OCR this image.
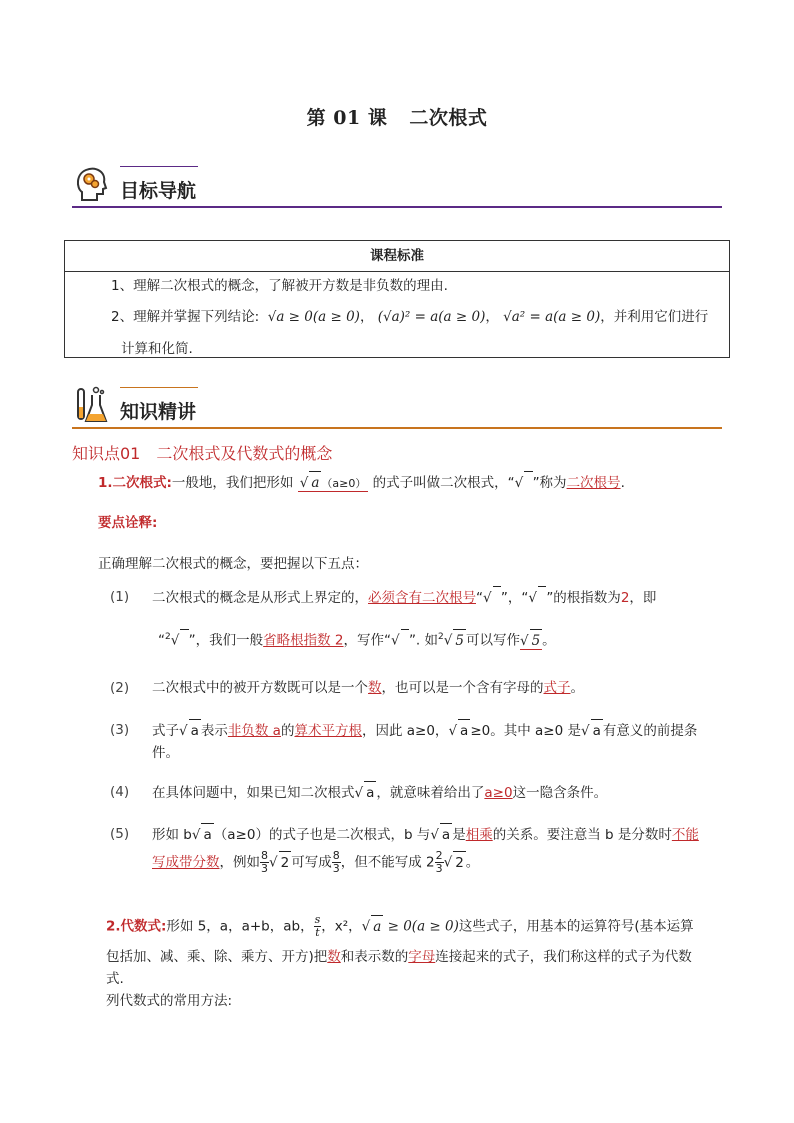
第 01 课 二次根式
目标导航
课程标准
1、理解二次根式的概念，了解被开方数是非负数的理由.
2、理解并掌握下列结论: √a ≥ 0(a ≥ 0)， (√a)² = a(a ≥ 0)， √a² = a(a ≥ 0)，并利用它们进行
计算和化简.
知识精讲
知识点01　二次根式及代数式的概念
1.二次根式:一般地，我们把形如 √ a （a≥0） 的式子叫做二次根式，“√ ”称为二次根号.
要点诠释:
正确理解二次根式的概念，要把握以下五点：
(1) 二次根式的概念是从形式上界定的，必须含有二次根号“√ ”，“√ ”的根指数为2，即
“$^2$√ ”，我们一般省略根指数 2，写作“√ ”. 如$^2$√ 5 可以写作√ 5 。
(2) 二次根式中的被开方数既可以是一个数，也可以是一个含有字母的式子。
(3) 式子√ a 表示非负数 a的算术平方根，因此 a≥0，√ a ≥0。其中 a≥0 是√ a 有意义的前提条
件。
(4) 在具体问题中，如果已知二次根式√ a ，就意味着给出了a≥0这一隐含条件。
(5) 形如 b√ a （a≥0）的式子也是二次根式，b 与√ a 是相乘的关系。要注意当 b 是分数时不能
写成带分数，例如 $\frac{8}{3}$ √ 2 可写成 $\frac{8}{3}$ ，但不能写成 $2 \frac{2}{3}$ √ 2 。
2.代数式:形如 5，a，a+b，ab， $\frac{s}{t}$ ，x²，√ a ≥ 0(a ≥ 0)这些式子，用基本的运算符号(基本运算
包括加、减、乘、除、乘方、开方)把数和表示数的字母连接起来的式子，我们称这样的式子为代数
式.
列代数式的常用方法:
